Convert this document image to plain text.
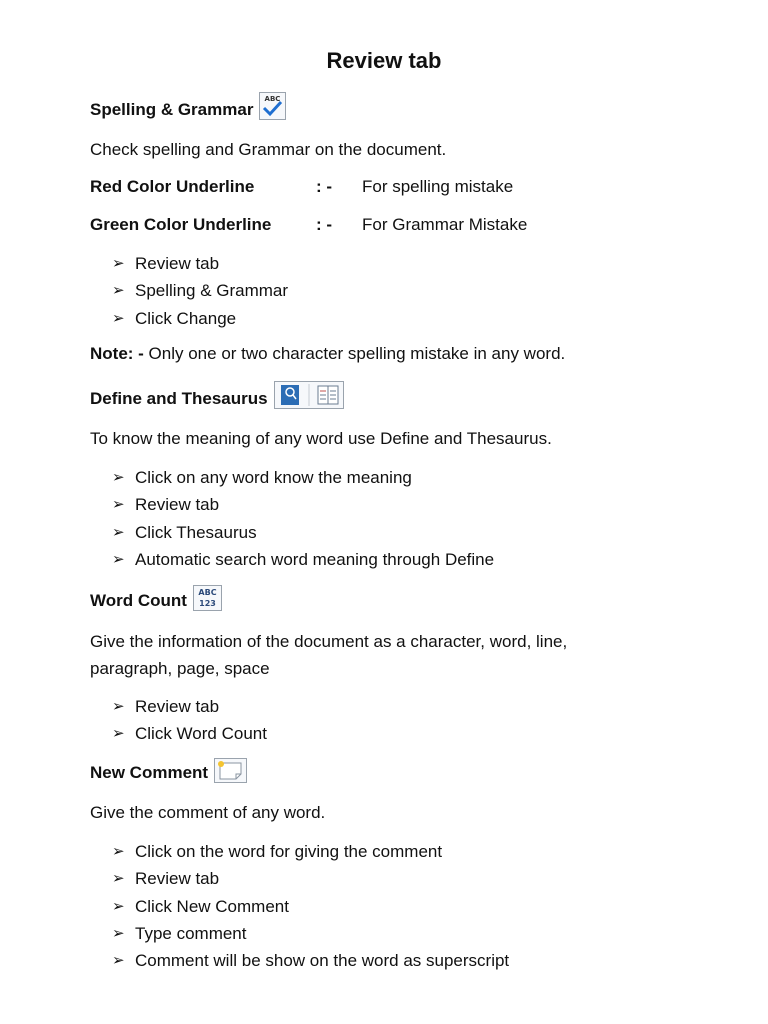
Review tab
Spelling & Grammar
ABC
Check spelling and Grammar on the document.
Red Color Underline	: - For spelling mistake
Green Color Underline	: - For Grammar Mistake
➢ Review tab
➢ Spelling & Grammar
➢ Click Change
Note: - Only one or two character spelling mistake in any word.
Define and Thesaurus
To know the meaning of any word use Define and Thesaurus.
➢ Click on any word know the meaning
➢ Review tab
➢ Click Thesaurus
➢ Automatic search word meaning through Define
Word Count ABC
123
Give the information of the document as a character, word, line,
paragraph, page, space
➢ Review tab
➢ Click Word Count
New Comment
Give the comment of any word.
➢ Click on the word for giving the comment
➢ Review tab
➢ Click New Comment
➢ Type comment
➢ Comment will be show on the word as superscript
